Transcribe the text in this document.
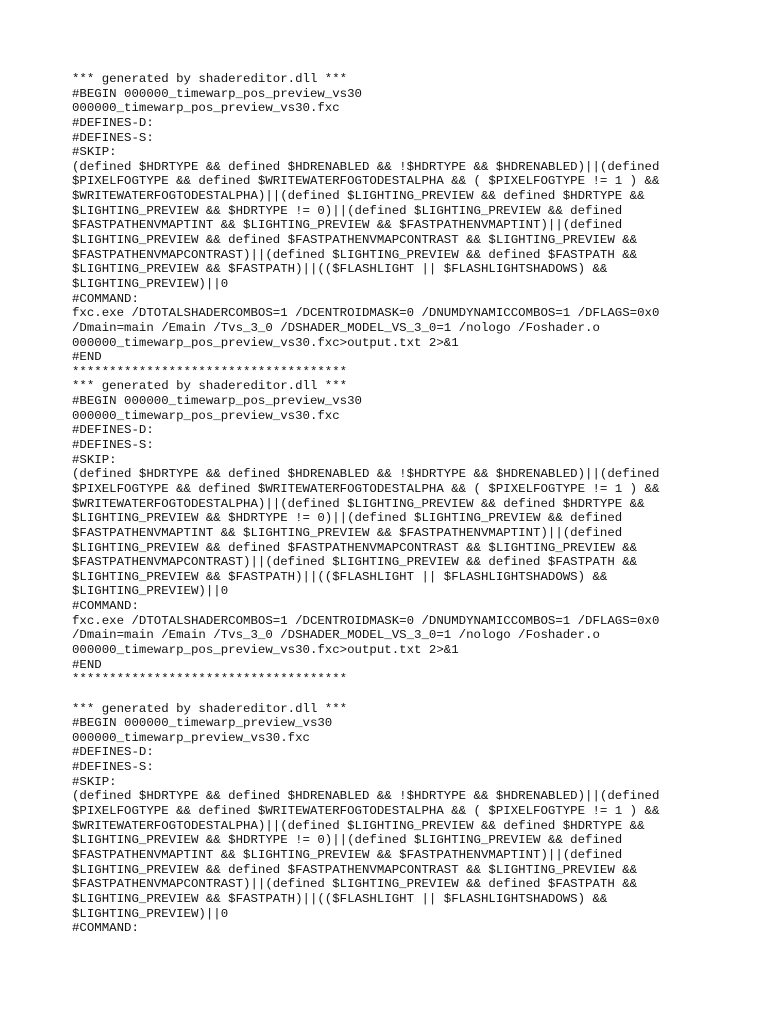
*** generated by shadereditor.dll ***
#BEGIN 000000_timewarp_pos_preview_vs30
000000_timewarp_pos_preview_vs30.fxc
#DEFINES-D:
#DEFINES-S:
#SKIP:
(defined $HDRTYPE && defined $HDRENABLED && !$HDRTYPE && $HDRENABLED)||(defined
$PIXELFOGTYPE && defined $WRITEWATERFOGTODESTALPHA && ( $PIXELFOGTYPE != 1 ) &&
$WRITEWATERFOGTODESTALPHA)||(defined $LIGHTING_PREVIEW && defined $HDRTYPE &&
$LIGHTING_PREVIEW && $HDRTYPE != 0)||(defined $LIGHTING_PREVIEW && defined
$FASTPATHENVMAPTINT && $LIGHTING_PREVIEW && $FASTPATHENVMAPTINT)||(defined
$LIGHTING_PREVIEW && defined $FASTPATHENVMAPCONTRAST && $LIGHTING_PREVIEW &&
$FASTPATHENVMAPCONTRAST)||(defined $LIGHTING_PREVIEW && defined $FASTPATH &&
$LIGHTING_PREVIEW && $FASTPATH)||(($FLASHLIGHT || $FLASHLIGHTSHADOWS) &&
$LIGHTING_PREVIEW)||0
#COMMAND:
fxc.exe /DTOTALSHADERCOMBOS=1 /DCENTROIDMASK=0 /DNUMDYNAMICCOMBOS=1 /DFLAGS=0x0
/Dmain=main /Emain /Tvs_3_0 /DSHADER_MODEL_VS_3_0=1 /nologo /Foshader.o
000000_timewarp_pos_preview_vs30.fxc>output.txt 2>&1
#END
*************************************
*** generated by shadereditor.dll ***
#BEGIN 000000_timewarp_pos_preview_vs30
000000_timewarp_pos_preview_vs30.fxc
#DEFINES-D:
#DEFINES-S:
#SKIP:
(defined $HDRTYPE && defined $HDRENABLED && !$HDRTYPE && $HDRENABLED)||(defined
$PIXELFOGTYPE && defined $WRITEWATERFOGTODESTALPHA && ( $PIXELFOGTYPE != 1 ) &&
$WRITEWATERFOGTODESTALPHA)||(defined $LIGHTING_PREVIEW && defined $HDRTYPE &&
$LIGHTING_PREVIEW && $HDRTYPE != 0)||(defined $LIGHTING_PREVIEW && defined
$FASTPATHENVMAPTINT && $LIGHTING_PREVIEW && $FASTPATHENVMAPTINT)||(defined
$LIGHTING_PREVIEW && defined $FASTPATHENVMAPCONTRAST && $LIGHTING_PREVIEW &&
$FASTPATHENVMAPCONTRAST)||(defined $LIGHTING_PREVIEW && defined $FASTPATH &&
$LIGHTING_PREVIEW && $FASTPATH)||(($FLASHLIGHT || $FLASHLIGHTSHADOWS) &&
$LIGHTING_PREVIEW)||0
#COMMAND:
fxc.exe /DTOTALSHADERCOMBOS=1 /DCENTROIDMASK=0 /DNUMDYNAMICCOMBOS=1 /DFLAGS=0x0
/Dmain=main /Emain /Tvs_3_0 /DSHADER_MODEL_VS_3_0=1 /nologo /Foshader.o
000000_timewarp_pos_preview_vs30.fxc>output.txt 2>&1
#END
*************************************
*** generated by shadereditor.dll ***
#BEGIN 000000_timewarp_preview_vs30
000000_timewarp_preview_vs30.fxc
#DEFINES-D:
#DEFINES-S:
#SKIP:
(defined $HDRTYPE && defined $HDRENABLED && !$HDRTYPE && $HDRENABLED)||(defined
$PIXELFOGTYPE && defined $WRITEWATERFOGTODESTALPHA && ( $PIXELFOGTYPE != 1 ) &&
$WRITEWATERFOGTODESTALPHA)||(defined $LIGHTING_PREVIEW && defined $HDRTYPE &&
$LIGHTING_PREVIEW && $HDRTYPE != 0)||(defined $LIGHTING_PREVIEW && defined
$FASTPATHENVMAPTINT && $LIGHTING_PREVIEW && $FASTPATHENVMAPTINT)||(defined
$LIGHTING_PREVIEW && defined $FASTPATHENVMAPCONTRAST && $LIGHTING_PREVIEW &&
$FASTPATHENVMAPCONTRAST)||(defined $LIGHTING_PREVIEW && defined $FASTPATH &&
$LIGHTING_PREVIEW && $FASTPATH)||(($FLASHLIGHT || $FLASHLIGHTSHADOWS) &&
$LIGHTING_PREVIEW)||0
#COMMAND:
